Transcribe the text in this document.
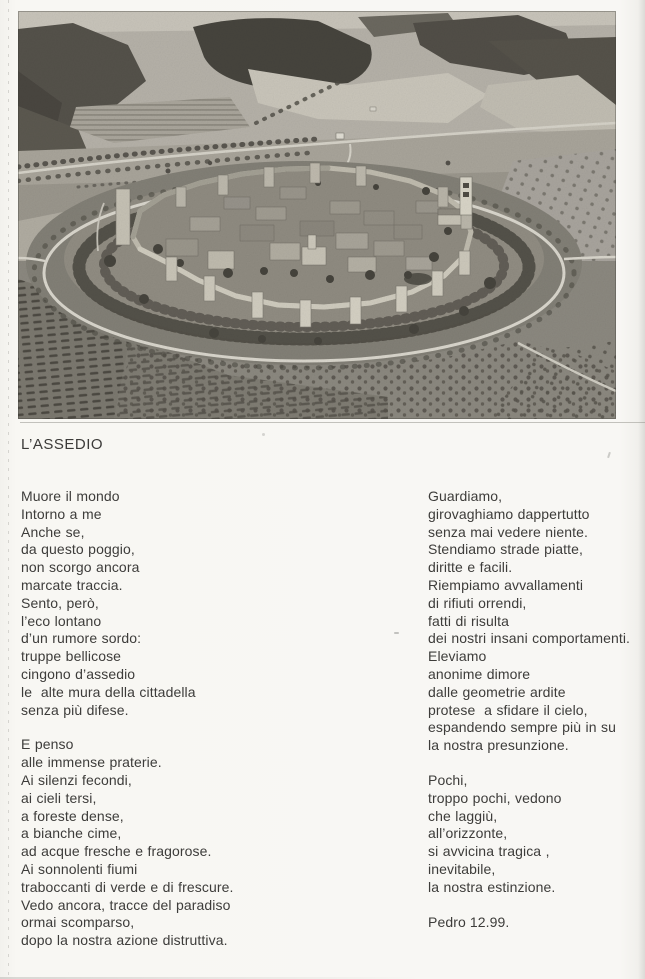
L’ASSEDIO
Muore il mondo
Intorno a me
Anche se,
da questo poggio,
non scorgo ancora
marcate traccia.
Sento, però,
l’eco lontano
d’un rumore sordo:
truppe bellicose
cingono d’assedio
le  alte mura della cittadella
senza più difese.
E penso
alle immense praterie.
Ai silenzi fecondi,
ai cieli tersi,
a foreste dense,
a bianche cime,
ad acque fresche e fragorose.
Ai sonnolenti fiumi
traboccanti di verde e di frescure.
Vedo ancora, tracce del paradiso
ormai scomparso,
dopo la nostra azione distruttiva.
Guardiamo,
girovaghiamo dappertutto
senza mai vedere niente.
Stendiamo strade piatte,
diritte e facili.
Riempiamo avvallamenti
di rifiuti orrendi,
fatti di risulta
dei nostri insani comportamenti.
Eleviamo
anonime dimore
dalle geometrie ardite
protese  a sfidare il cielo,
espandendo sempre più in su
la nostra presunzione.
Pochi,
troppo pochi, vedono
che laggiù,
all’orizzonte,
si avvicina tragica ,
inevitabile,
la nostra estinzione.
Pedro 12.99.
